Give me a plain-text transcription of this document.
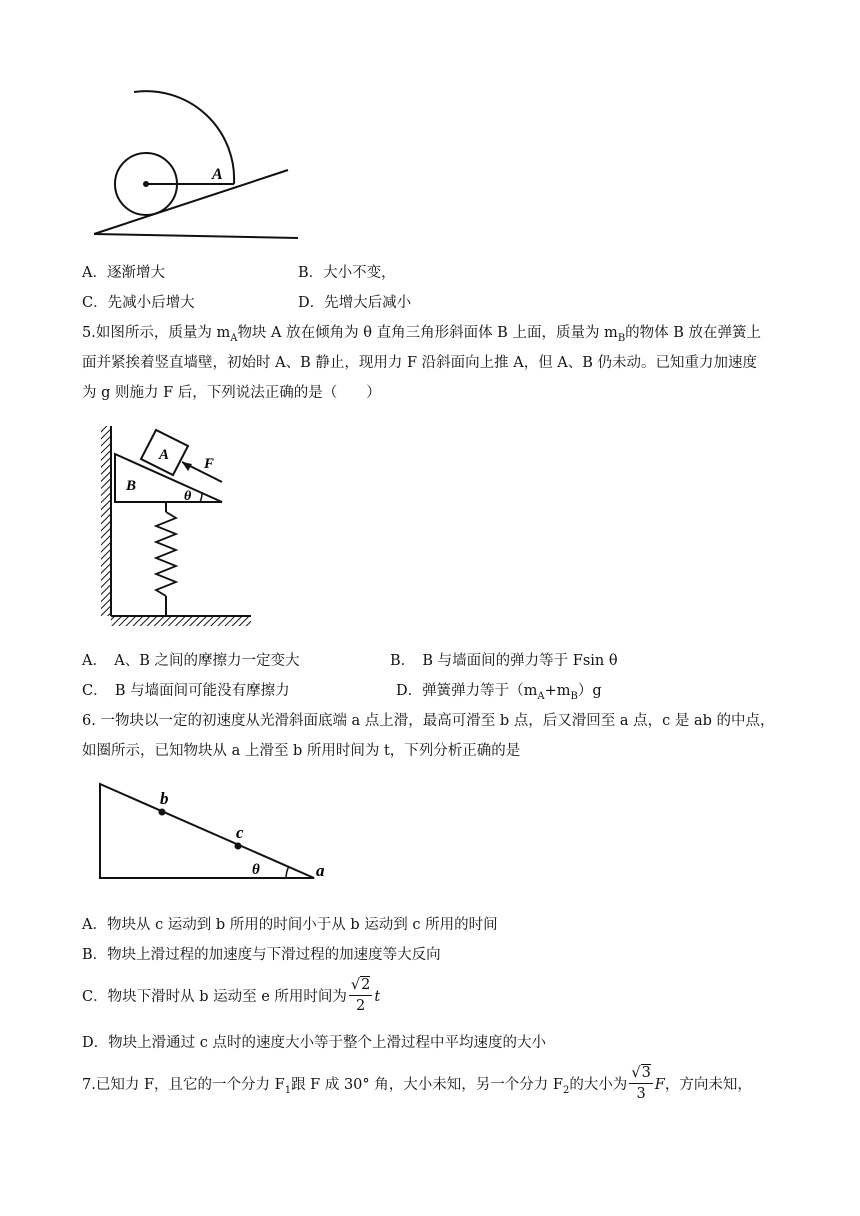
A
A．逐渐增大	B．大小不变，
C．先减小后增大	D．先增大后减小
5.如图所示，质量为 $m_A$物块 A 放在倾角为 θ 直角三角形斜面体 B 上面，质量为 $m_B$的物体 B 放在弹簧上
面并紧挨着竖直墙壁，初始时 A、B 静止，现用力 F 沿斜面向上推 A，但 A、B 仍未动。已知重力加速度
为 g 则施力 F 后，下列说法正确的是（　　）
A
B
F
θ
A．　A、B 之间的摩擦力一定变大	B．　B 与墙面间的弹力等于 Fsin θ
C．　B 与墙面间可能没有摩擦力	D．弹簧弹力等于$(m_A+m_B)g$
6. 一物块以一定的初速度从光滑斜面底端 a 点上滑，最高可滑至 b 点，后又滑回至 a 点，c 是 ab 的中点，
如圈所示，已知物块从 a 上滑至 b 所用时间为 t，下列分析正确的是
b
c
θ	a
A．物块从 c 运动到 b 所用的时间小于从 b 运动到 c 所用的时间
B．物块上滑过程的加速度与下滑过程的加速度等大反向
C．物块下滑时从 b 运动至 e 所用时间为 $\frac{√2}{2}$ t
D．物块上滑通过 c 点时的速度大小等于整个上滑过程中平均速度的大小
7.已知力 F，且它的一个分力 $F_1$跟 F 成 30° 角，大小未知，另一个分力 $F_2$的大小为 $\frac{√3}{3}$ F，方向未知，
